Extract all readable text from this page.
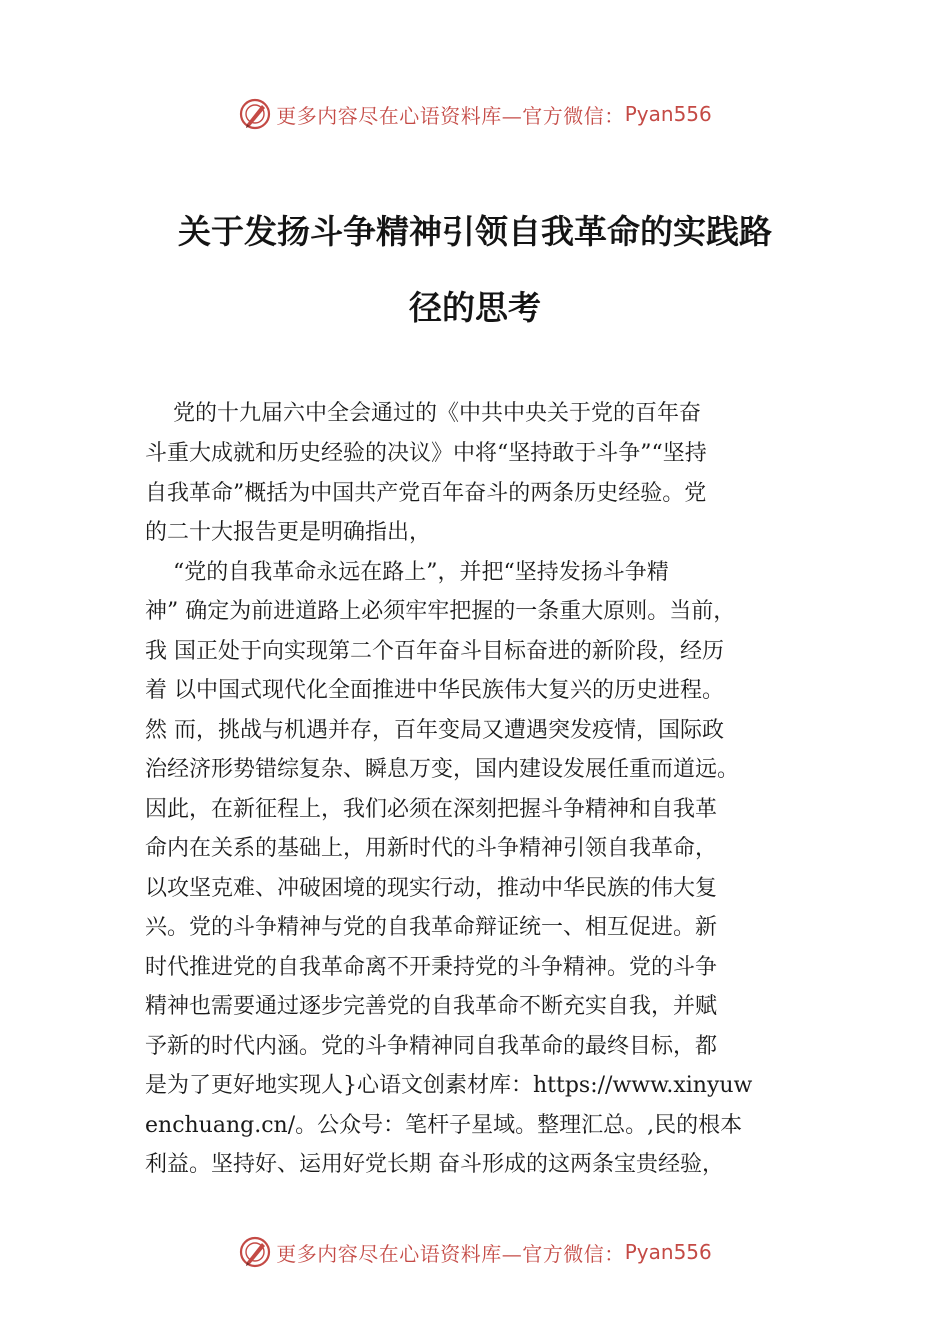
更多内容尽在心语资料库—官方微信： Pyan556
关于发扬斗争精神引领自我革命的实践路
径的思考
党的十九届六中全会通过的《中共中央关于党的百年奋
斗重大成就和历史经验的决议》中将“坚持敢于斗争”“坚持
自我革命”概括为中国共产党百年奋斗的两条历史经验。党
的二十大报告更是明确指出，
“党的自我革命永远在路上”，并把“坚持发扬斗争精
神” 确定为前进道路上必须牢牢把握的一条重大原则。当前，
我 国正处于向实现第二个百年奋斗目标奋进的新阶段，经历
着 以中国式现代化全面推进中华民族伟大复兴的历史进程。
然 而，挑战与机遇并存，百年变局又遭遇突发疫情，国际政
治经济形势错综复杂、瞬息万变，国内建设发展任重而道远。
因此，在新征程上，我们必须在深刻把握斗争精神和自我革
命内在关系的基础上，用新时代的斗争精神引领自我革命，
以攻坚克难、冲破困境的现实行动，推动中华民族的伟大复
兴。党的斗争精神与党的自我革命辩证统一、相互促进。新
时代推进党的自我革命离不开秉持党的斗争精神。党的斗争
精神也需要通过逐步完善党的自我革命不断充实自我，并赋
予新的时代内涵。党的斗争精神同自我革命的最终目标，都
是为了更好地实现人}心语文创素材库：https://www.xinyuw
enchuang.cn/。公众号：笔杆子星域。整理汇总。,民的根本
利益。坚持好、运用好党长期 奋斗形成的这两条宝贵经验，
更多内容尽在心语资料库—官方微信： Pyan556
